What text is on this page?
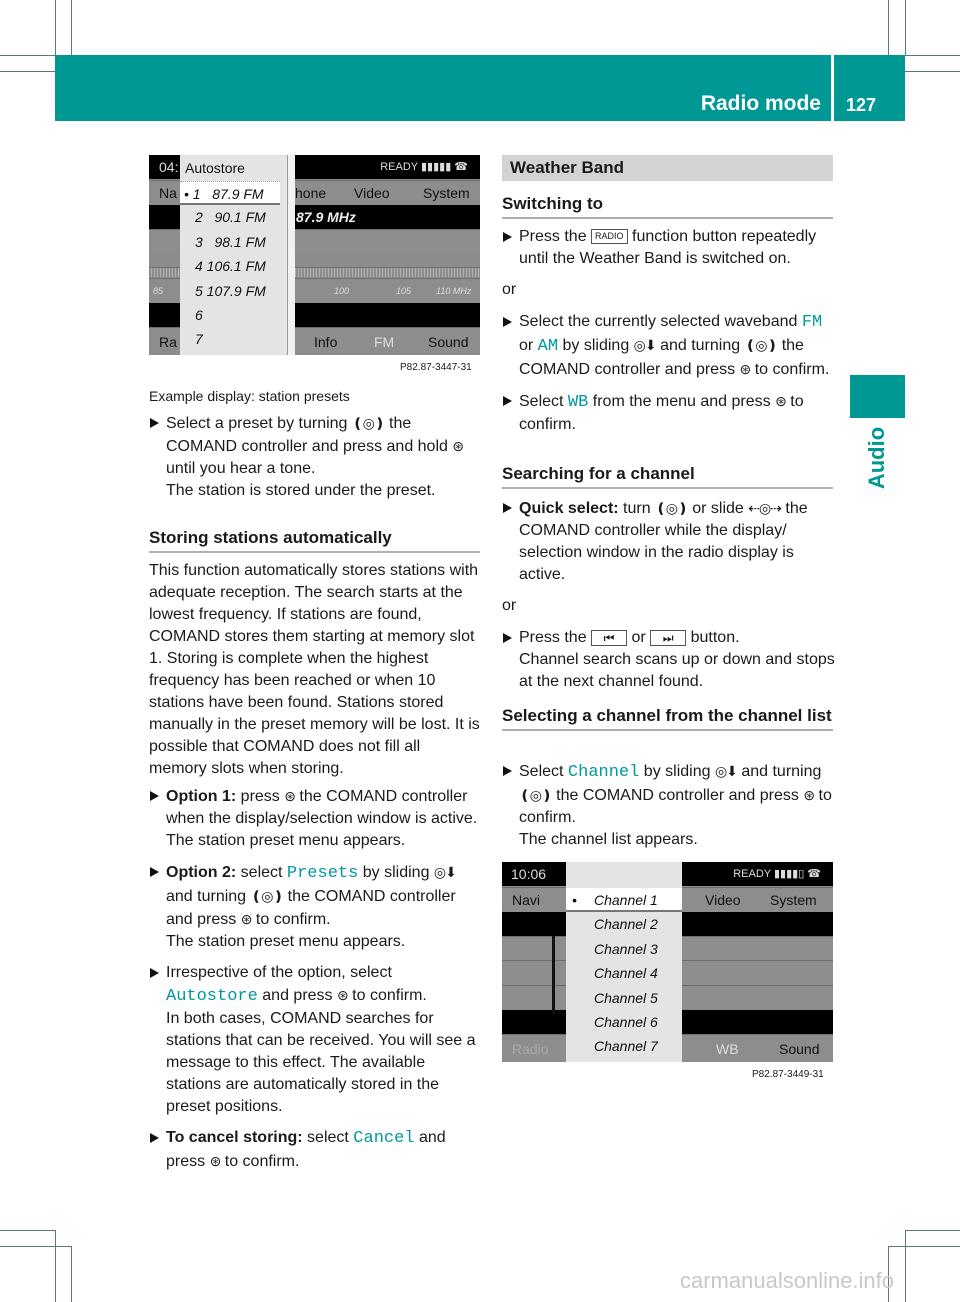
Radio mode	127
Audio
04:	READY ▮▮▮▮▮ ☎
Na	hone Video System
87.9 MHz
85	100	105	110 MHz
Ra	Info	FM Sound
Autostore
• 1   87.9 FM
2   90.1 FM
3   98.1 FM
4 106.1 FM
5 107.9 FM
6
7
P82.87-3447-31
Example display: station presets
Select a preset by turning ❪◎❫ the COMAND controller and press and hold ⊛ until you hear a tone.
The station is stored under the preset.
Storing stations automatically

This function automatically stores stations with adequate reception. The search starts at the lowest frequency. If stations are found, COMAND stores them starting at memory slot 1. Storing is complete when the highest frequency has been reached or when 10 stations have been found. Stations stored manually in the preset memory will be lost. It is possible that COMAND does not fill all memory slots when storing.

Option 1: press ⊛ the COMAND controller when the display/selection window is active.
The station preset menu appears.
Option 2: select Presets by sliding ◎⬇ and turning ❪◎❫ the COMAND controller and press ⊛ to confirm.
The station preset menu appears.
Irrespective of the option, select Autostore and press ⊛ to confirm.
In both cases, COMAND searches for stations that can be received. You will see a message to this effect. The available stations are automatically stored in the preset positions.
To cancel storing: select Cancel and press ⊛ to confirm.
Weather Band
Switching to
Press the RADIO function button repeatedly until the Weather Band is switched on.
or
Select the currently selected waveband FM or AM by sliding ◎⬇ and turning ❪◎❫ the COMAND controller and press ⊛ to confirm.
Select WB from the menu and press ⊛ to confirm.
Searching for a channel
Quick select: turn ❪◎❫ or slide ⇠◎⇢ the COMAND controller while the display/ selection window in the radio display is active.
or
Press the ⏮ or ⏭ button.
Channel search scans up or down and stops at the next channel found.
Selecting a channel from the channel list
Select Channel by sliding ◎⬇ and turning ❪◎❫ the COMAND controller and press ⊛ to confirm.
The channel list appears.
10:06	READY ▮▮▮▮▯ ☎
Navi	Video System
Radio	WB	Sound
• Channel 1
Channel 2
Channel 3
Channel 4
Channel 5
Channel 6
Channel 7
P82.87-3449-31
carmanualsonline.info
